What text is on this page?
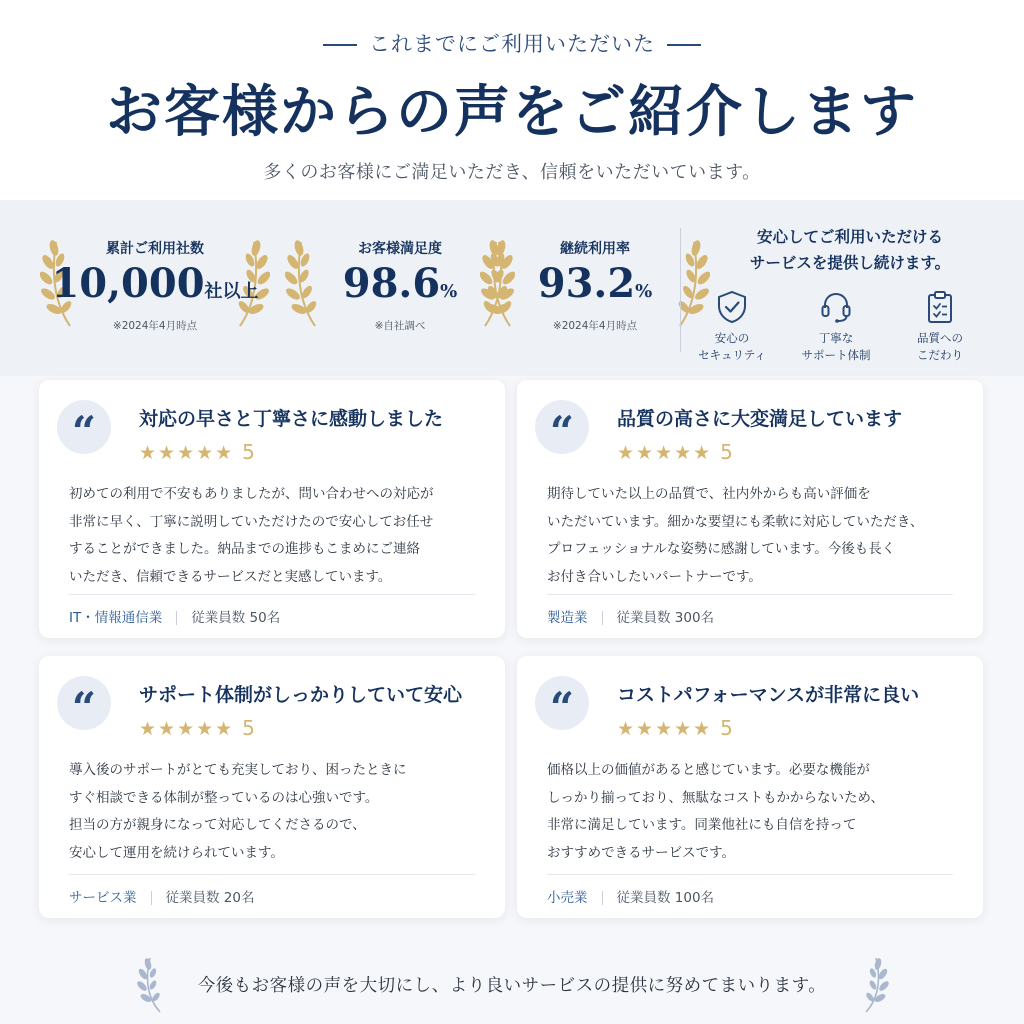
これまでにご利用いただいた
お客様からの声をご紹介します

多くのお客様にご満足いただき、信頼をいただいています。

累計ご利用社数
10,000社以上
※2024年4月時点
お客様満足度
98.6%
※自社調べ
継続利用率
93.2%
※2024年4月時点
安心してご利用いただける
サービスを提供し続けます。
安心の
セキュリティ
丁寧な
サポート体制
品質への
こだわり
“	対応の早さと丁寧さに感動しました
★★★★★ 5
初めての利用で不安もありましたが、問い合わせへの対応が
非常に早く、丁寧に説明していただけたので安心してお任せ
することができました。納品までの進捗もこまめにご連絡
いただき、信頼できるサービスだと実感しています。
IT・情報通信業 従業員数 50名
“	品質の高さに大変満足しています
★★★★★ 5
期待していた以上の品質で、社内外からも高い評価を
いただいています。細かな要望にも柔軟に対応していただき、
プロフェッショナルな姿勢に感謝しています。今後も長く
お付き合いしたいパートナーです。
製造業 従業員数 300名
“	サポート体制がしっかりしていて安心
★★★★★ 5
導入後のサポートがとても充実しており、困ったときに
すぐ相談できる体制が整っているのは心強いです。
担当の方が親身になって対応してくださるので、
安心して運用を続けられています。
サービス業 従業員数 20名
“	コストパフォーマンスが非常に良い
★★★★★ 5
価格以上の価値があると感じています。必要な機能が
しっかり揃っており、無駄なコストもかからないため、
非常に満足しています。同業他社にも自信を持って
おすすめできるサービスです。
小売業 従業員数 100名

今後もお客様の声を大切にし、より良いサービスの提供に努めてまいります。
